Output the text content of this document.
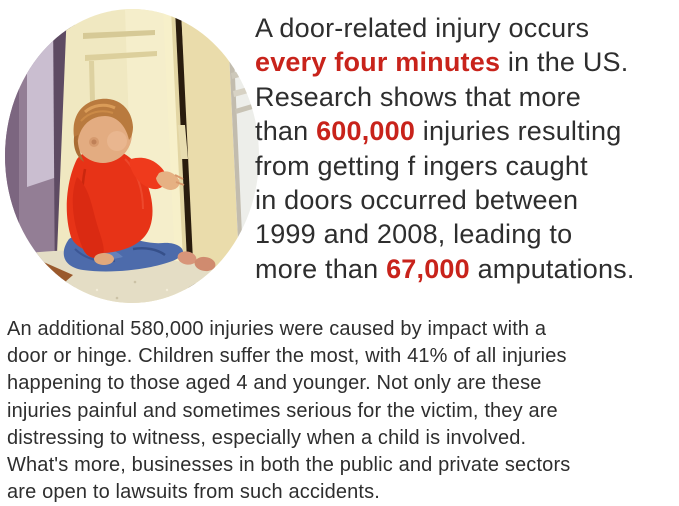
A door-related injury occurs
every four minutes in the US.
Research shows that more
than 600,000 injuries resulting
from getting f ingers caught
in doors occurred between
1999 and 2008, leading to
more than 67,000 amputations.
An additional 580,000 injuries were caused by impact with a
door or hinge. Children suffer the most, with 41% of all injuries
happening to those aged 4 and younger. Not only are these
injuries painful and sometimes serious for the victim, they are
distressing to witness, especially when a child is involved.
What's more, businesses in both the public and private sectors
are open to lawsuits from such accidents.
